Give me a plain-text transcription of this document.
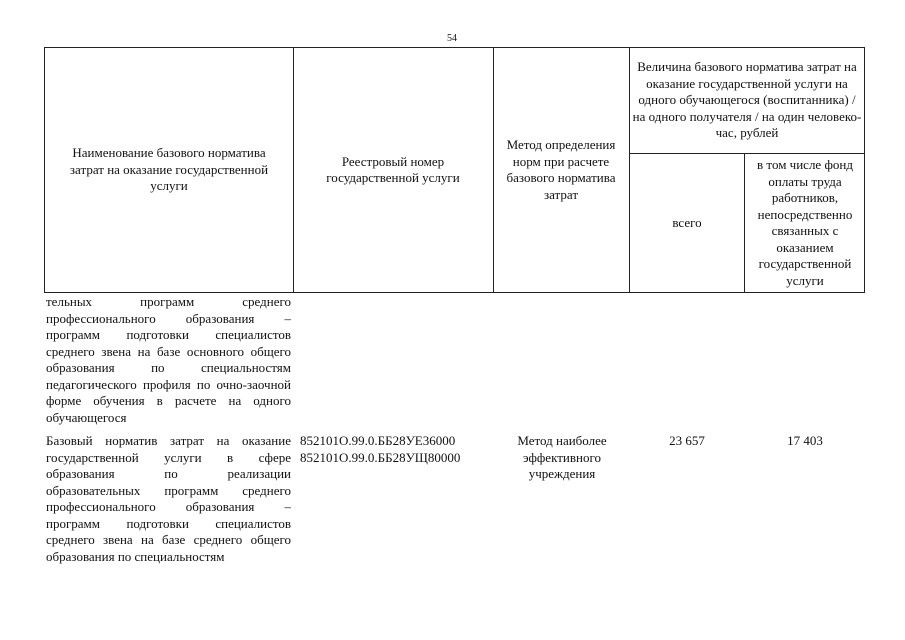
54
Наименование базового норматива затрат на оказание государственной услуги
Реестровый номер государственной услуги
Метод определения норм при расчете базового норматива затрат
Величина базового норматива затрат на оказание государственной услуги на одного обучающегося (воспитанника) / на одного получателя / на один человеко-час, рублей
всего
в том числе фонд оплаты труда работников, непосредственно связанных с оказанием государственной услуги
тельных программ среднего профессионального образования – программ подготовки специалистов среднего звена на базе основного общего образования по специальностям педагогического профиля по очно-заочной форме обучения в расчете на одного обучающегося
Базовый норматив затрат на оказание государственной услуги в сфере образования по реализации образовательных программ среднего профессионального образования – программ подготовки специалистов среднего звена на базе среднего общего образования по специальностям
852101О.99.0.ББ28УЕ36000
852101О.99.0.ББ28УЩ80000
Метод наиболее эффективного учреждения
23 657	17 403
